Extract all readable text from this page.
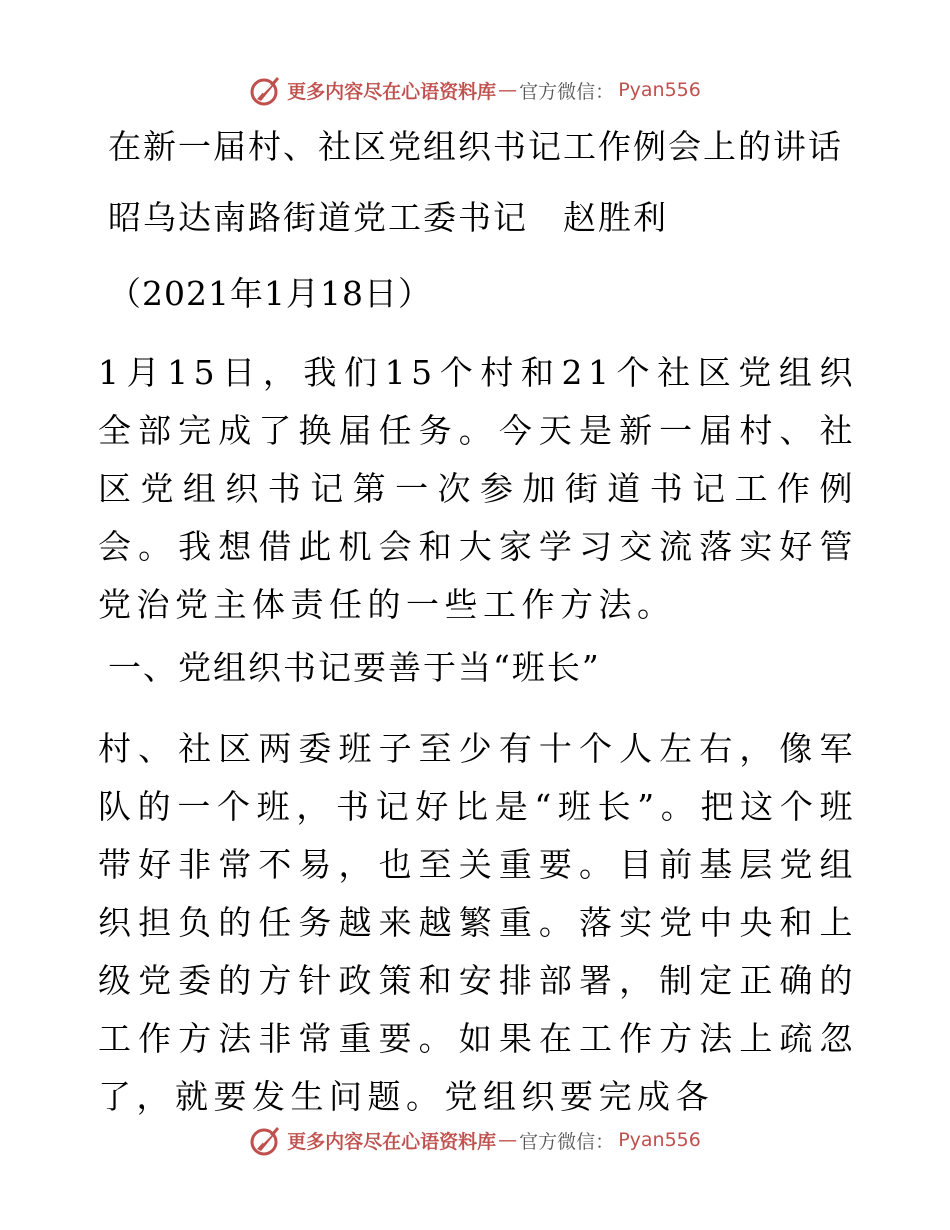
更多内容尽在心语资料库 — 官方微信： Pyan556
在新一届村、社区党组织书记工作例会上的讲话
昭乌达南路街道党工委书记　赵胜利
（2021年1月18日）
1月15日，我们15个村和21个社区党组织全部完成了换届任务。今天是新一届村、社区党组织书记第一次参加街道书记工作例会。我想借此机会和大家学习交流落实好管党治党主体责任的一些工作方法。
一、党组织书记要善于当“班长”
村、社区两委班子至少有十个人左右，像军队的一个班，书记好比是“班长”。把这个班带好非常不易，也至关重要。目前基层党组织担负的任务越来越繁重。落实党中央和上级党委的方针政策和安排部署，制定正确的工作方法非常重要。如果在工作方法上疏忽了，就要发生问题。党组织要完成各
更多内容尽在心语资料库 — 官方微信： Pyan556
